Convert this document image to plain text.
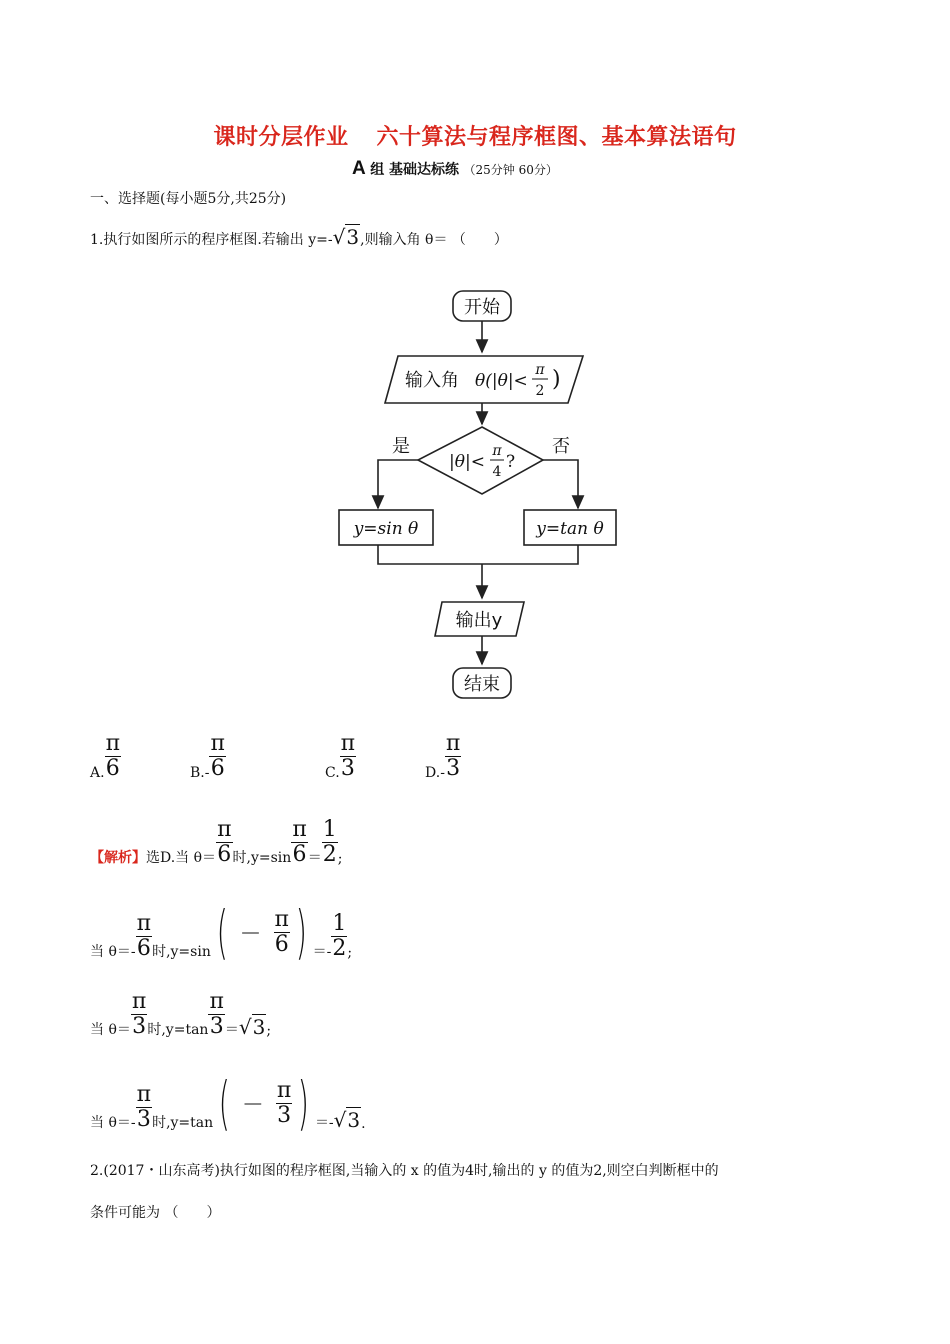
课时分层作业 六十算法与程序框图、基本算法语句
A 组 基础达标练 （25分钟 60分）
一、选择题(每小题5分,共25分)
1.执行如图所示的程序框图.若输出 y=-√3,则输入角 θ＝ （　　）
开始
输入角 θ(|θ|<
π
2 )
|θ|<
π
4 ?
是	否
y=sin θ	y=tan θ
输出y
结束
A. $\frac{\pi}{6}$	$B.- \frac{\pi}{6}$	C. $\frac{\pi}{3}$	$D.- \frac{\pi}{3}$
【解析】选D.当 $\theta= \frac{\pi}{6}$ 时$,y=\sin \frac{\pi}{6} = \frac{1}{2}$ ;
当 $\theta=- \frac{\pi}{6}$ 时$,y=\sin( - \frac{\pi}{6}$ ) ＝- $\frac{1}{2}$ ;
当 $\theta= \frac{\pi}{3}$ 时$,y=\tan \frac{\pi}{3} =√3$;
当 $\theta=- \frac{\pi}{3}$ 时$,y=\tan( - \frac{\pi}{3}$ ) ＝-√3.
2.(2017・山东高考)执行如图的程序框图,当输入的 x 的值为4时,输出的 y 的值为2,则空白判断框中的
条件可能为 （　　）
